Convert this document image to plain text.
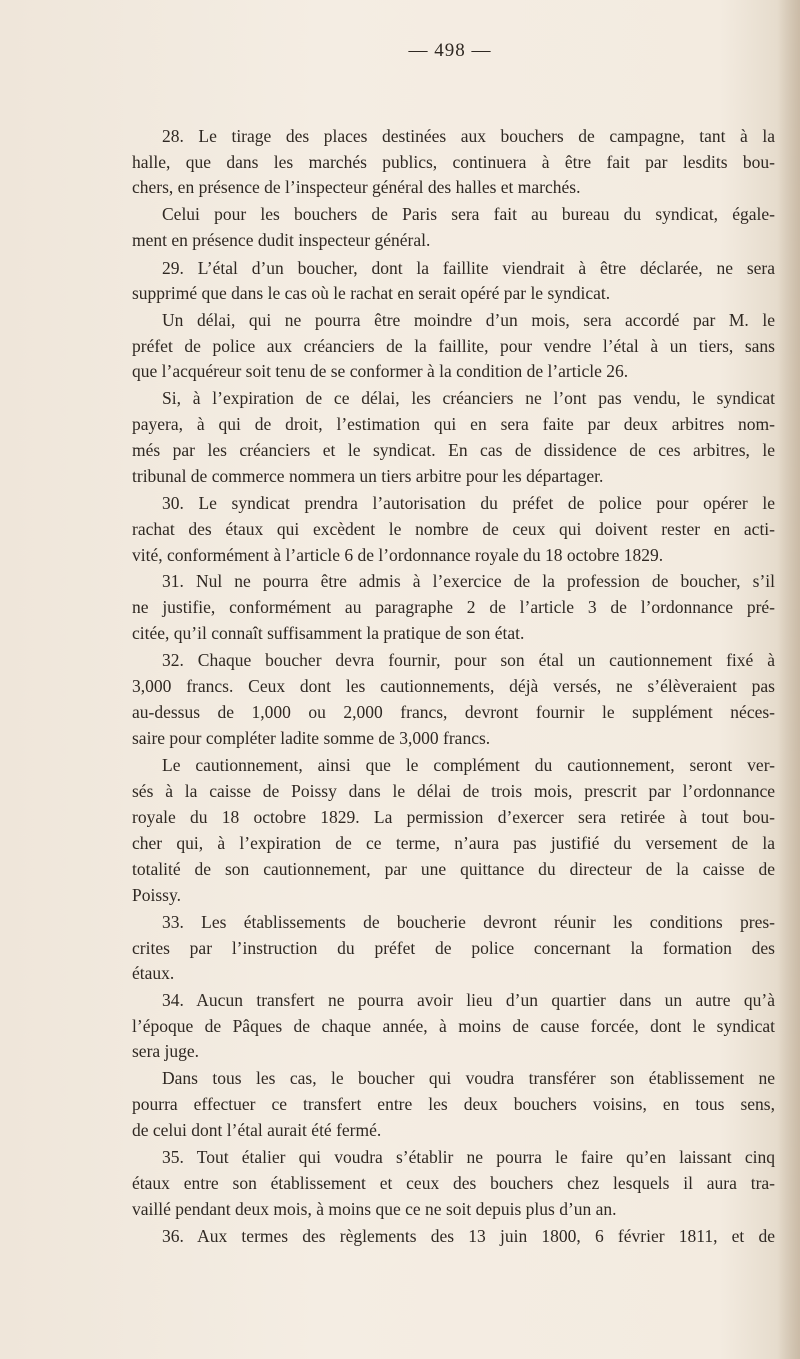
— 498 —
28. Le tirage des places destinées aux bouchers de campagne, tant à la
halle, que dans les marchés publics, continuera à être fait par lesdits bou-
chers, en présence de l’inspecteur général des halles et marchés.
Celui pour les bouchers de Paris sera fait au bureau du syndicat, égale-
ment en présence dudit inspecteur général.
29. L’étal d’un boucher, dont la faillite viendrait à être déclarée, ne sera
supprimé que dans le cas où le rachat en serait opéré par le syndicat.
Un délai, qui ne pourra être moindre d’un mois, sera accordé par M. le
préfet de police aux créanciers de la faillite, pour vendre l’étal à un tiers, sans
que l’acquéreur soit tenu de se conformer à la condition de l’article 26.
Si, à l’expiration de ce délai, les créanciers ne l’ont pas vendu, le syndicat
payera, à qui de droit, l’estimation qui en sera faite par deux arbitres nom-
més par les créanciers et le syndicat. En cas de dissidence de ces arbitres, le
tribunal de commerce nommera un tiers arbitre pour les départager.
30. Le syndicat prendra l’autorisation du préfet de police pour opérer le
rachat des étaux qui excèdent le nombre de ceux qui doivent rester en acti-
vité, conformément à l’article 6 de l’ordonnance royale du 18 octobre 1829.
31. Nul ne pourra être admis à l’exercice de la profession de boucher, s’il
ne justifie, conformément au paragraphe 2 de l’article 3 de l’ordonnance pré-
citée, qu’il connaît suffisamment la pratique de son état.
32. Chaque boucher devra fournir, pour son étal un cautionnement fixé à
3,000 francs. Ceux dont les cautionnements, déjà versés, ne s’élèveraient pas
au-dessus de 1,000 ou 2,000 francs, devront fournir le supplément néces-
saire pour compléter ladite somme de 3,000 francs.
Le cautionnement, ainsi que le complément du cautionnement, seront ver-
sés à la caisse de Poissy dans le délai de trois mois, prescrit par l’ordonnance
royale du 18 octobre 1829. La permission d’exercer sera retirée à tout bou-
cher qui, à l’expiration de ce terme, n’aura pas justifié du versement de la
totalité de son cautionnement, par une quittance du directeur de la caisse de
Poissy.
33. Les établissements de boucherie devront réunir les conditions pres-
crites par l’instruction du préfet de police concernant la formation des
étaux.
34. Aucun transfert ne pourra avoir lieu d’un quartier dans un autre qu’à
l’époque de Pâques de chaque année, à moins de cause forcée, dont le syndicat
sera juge.
Dans tous les cas, le boucher qui voudra transférer son établissement ne
pourra effectuer ce transfert entre les deux bouchers voisins, en tous sens,
de celui dont l’étal aurait été fermé.
35. Tout étalier qui voudra s’établir ne pourra le faire qu’en laissant cinq
étaux entre son établissement et ceux des bouchers chez lesquels il aura tra-
vaillé pendant deux mois, à moins que ce ne soit depuis plus d’un an.
36. Aux termes des règlements des 13 juin 1800, 6 février 1811, et de
